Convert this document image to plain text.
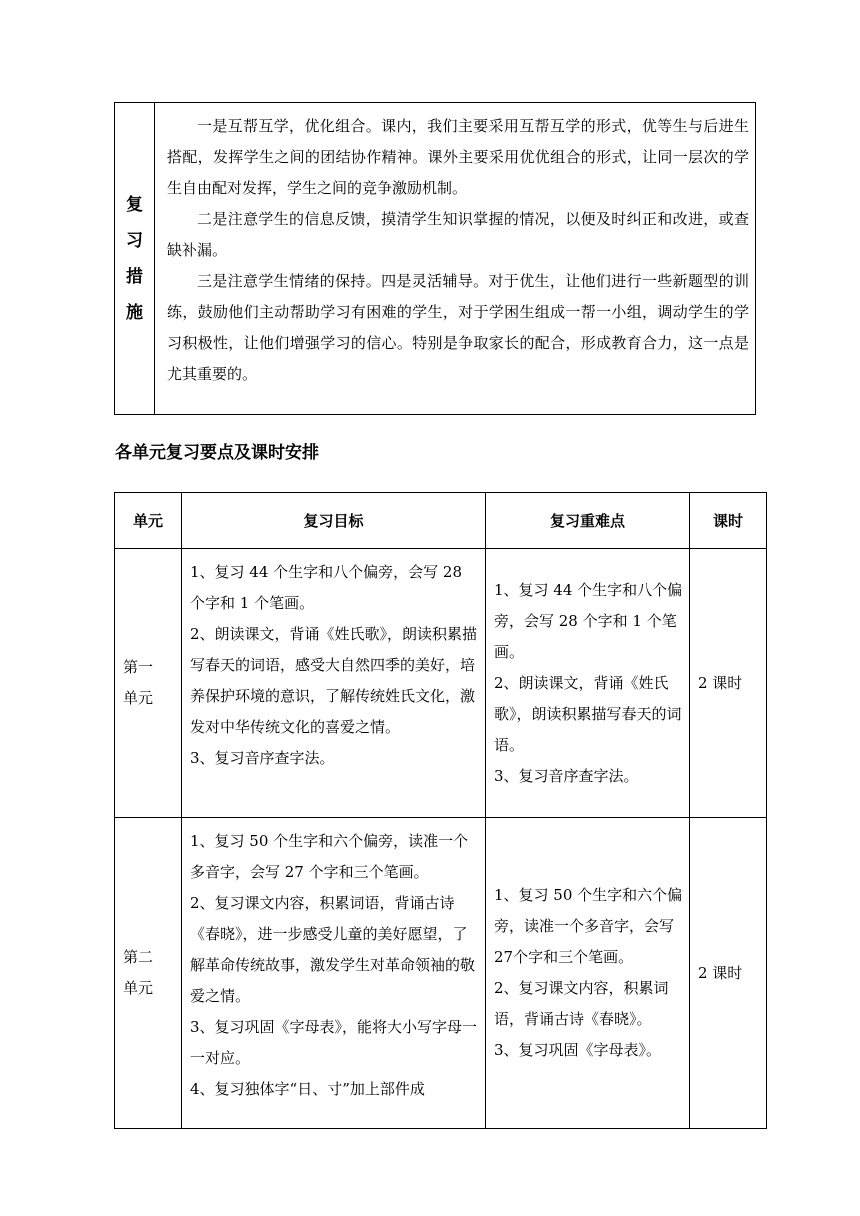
复
习
措
施

一是互帮互学，优化组合。课内，我们主要采用互帮互学的形式，优等生与后进生搭配，发挥学生之间的团结协作精神。课外主要采用优优组合的形式，让同一层次的学生自由配对发挥，学生之间的竞争激励机制。

二是注意学生的信息反馈，摸清学生知识掌握的情况，以便及时纠正和改进，或查缺补漏。

三是注意学生情绪的保持。四是灵活辅导。对于优生，让他们进行一些新题型的训练，鼓励他们主动帮助学习有困难的学生，对于学困生组成一帮一小组，调动学生的学习积极性，让他们增强学习的信心。特别是争取家长的配合，形成教育合力，这一点是尤其重要的。

各单元复习要点及课时安排
单元	复习目标	复习重难点	课时

第一
单元	1、复习 44 个生字和八个偏旁，会写 28 个字和 1 个笔画。
2、朗读课文，背诵《姓氏歌》，朗读积累描写春天的词语，感受大自然四季的美好，培养保护环境的意识，了解传统姓氏文化，激发对中华传统文化的喜爱之情。
3、复习音序查字法。	1、复习 44 个生字和八个偏旁，会写 28 个字和 1 个笔画。
2、朗读课文，背诵《姓氏歌》，朗读积累描写春天的词语。
3、复习音序查字法。	2 课时

第二
单元	1、复习 50 个生字和六个偏旁，读准一个多音字，会写 27 个字和三个笔画。
2、复习课文内容，积累词语，背诵古诗《春晓》，进一步感受儿童的美好愿望，了解革命传统故事，激发学生对革命领袖的敬爱之情。
3、复习巩固《字母表》，能将大小写字母一一对应。
4、复习独体字“日、寸”加上部件成	1、复习 50 个生字和六个偏旁，读准一个多音字，会写27个字和三个笔画。
2、复习课文内容，积累词语，背诵古诗《春晓》。
3、复习巩固《字母表》。	2 课时
